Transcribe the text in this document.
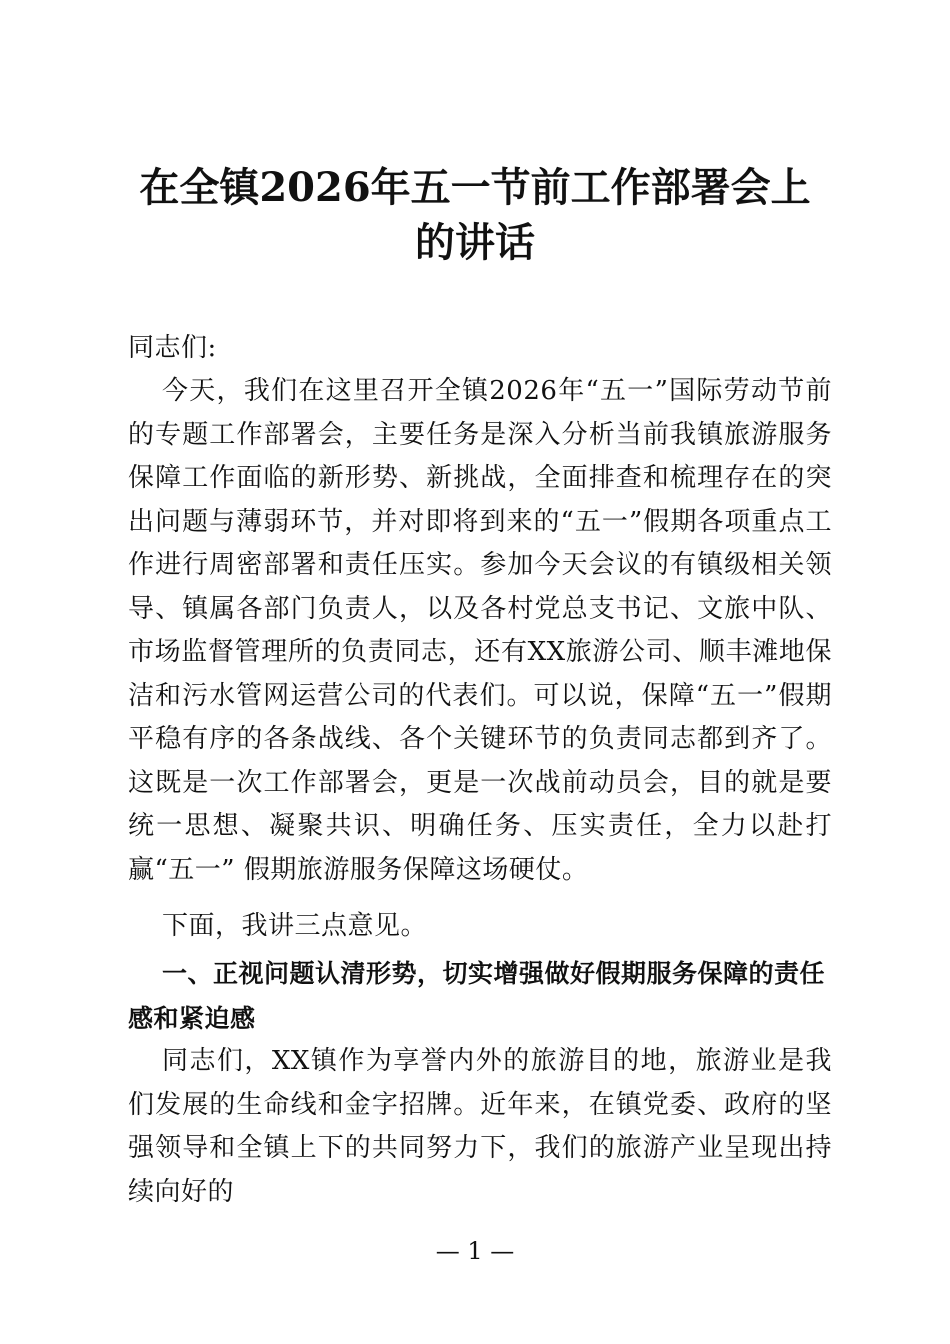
在全镇2026年五一节前工作部署会上
的讲话
同志们:
今天，我们在这里召开全镇2026年“五一”国际劳动节前的专题工作部署会，主要任务是深入分析当前我镇旅游服务保障工作面临的新形势、新挑战，全面排查和梳理存在的突出问题与薄弱环节，并对即将到来的“五一”假期各项重点工作进行周密部署和责任压实。参加今天会议的有镇级相关领导、镇属各部门负责人，以及各村党总支书记、文旅中队、市场监督管理所的负责同志，还有XX旅游公司、顺丰滩地保洁和污水管网运营公司的代表们。可以说，保障“五一”假期平稳有序的各条战线、各个关键环节的负责同志都到齐了。这既是一次工作部署会，更是一次战前动员会，目的就是要统一思想、凝聚共识、明确任务、压实责任，全力以赴打赢“五一” 假期旅游服务保障这场硬仗。
下面，我讲三点意见。
一、正视问题认清形势，切实增强做好假期服务保障的责任感和紧迫感
同志们，XX镇作为享誉内外的旅游目的地，旅游业是我们发展的生命线和金字招牌。近年来，在镇党委、政府的坚强领导和全镇上下的共同努力下，我们的旅游产业呈现出持续向好的
— 1 —
